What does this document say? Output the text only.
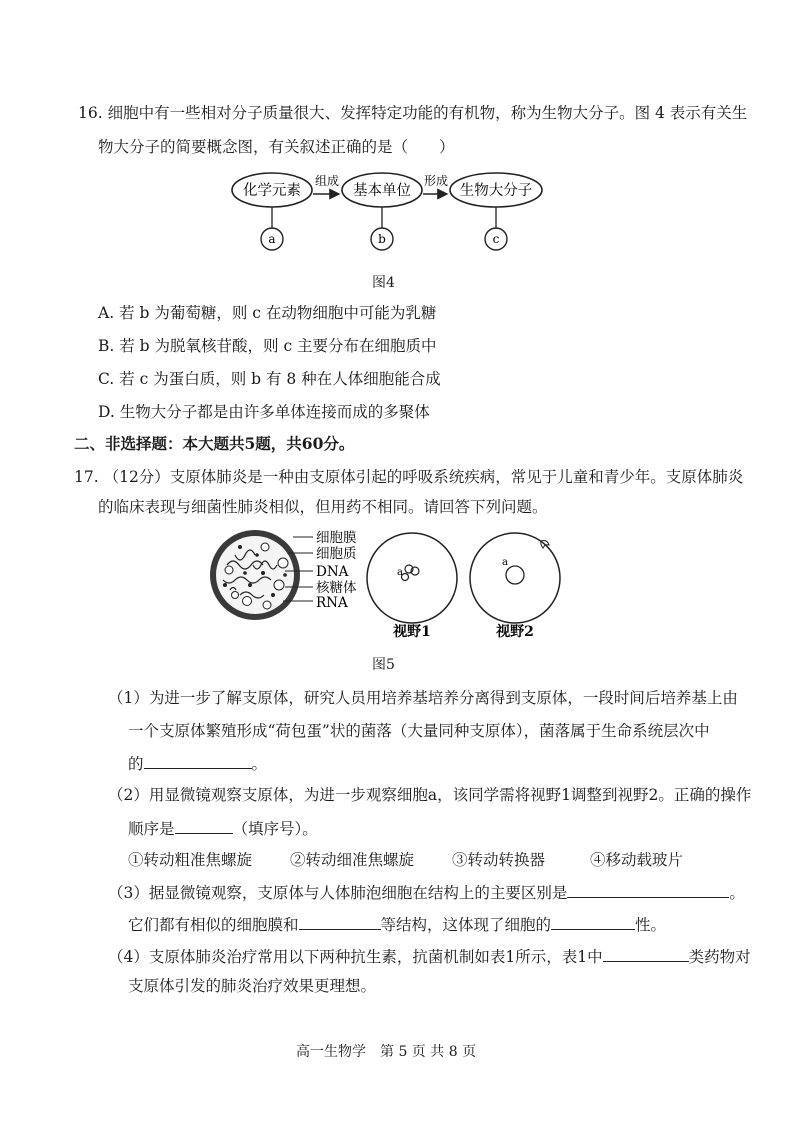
16. 细胞中有一些相对分子质量很大、发挥特定功能的有机物，称为生物大分子。图 4 表示有关生
物大分子的简要概念图，有关叙述正确的是（　　）
化学元素	基本单位	生物大分子
组成	形成
a	b	c
图4
A. 若 b 为葡萄糖，则 c 在动物细胞中可能为乳糖
B. 若 b 为脱氧核苷酸，则 c 主要分布在细胞质中
C. 若 c 为蛋白质，则 b 有 8 种在人体细胞能合成
D. 生物大分子都是由许多单体连接而成的多聚体
二、非选择题：本大题共5题，共60分。
17. （12分）支原体肺炎是一种由支原体引起的呼吸系统疾病，常见于儿童和青少年。支原体肺炎
的临床表现与细菌性肺炎相似，但用药不相同。请回答下列问题。
细胞膜
细胞质
DNA
核糖体
RNA
a
视野1
a
视野2
图5
（1）为进一步了解支原体，研究人员用培养基培养分离得到支原体，一段时间后培养基上由
一个支原体繁殖形成“荷包蛋”状的菌落（大量同种支原体），菌落属于生命系统层次中
的	。
（2）用显微镜观察支原体，为进一步观察细胞a，该同学需将视野1调整到视野2。正确的操作
顺序是	（填序号）。
①转动粗准焦螺旋 ②转动细准焦螺旋 ③转动转换器	④移动载玻片
（3）据显微镜观察，支原体与人体肺泡细胞在结构上的主要区别是	。
它们都有相似的细胞膜和	等结构，这体现了细胞的	性。
（4）支原体肺炎治疗常用以下两种抗生素，抗菌机制如表1所示，表1中	类药物对
支原体引发的肺炎治疗效果更理想。
高一生物学　第 5 页 共 8 页
